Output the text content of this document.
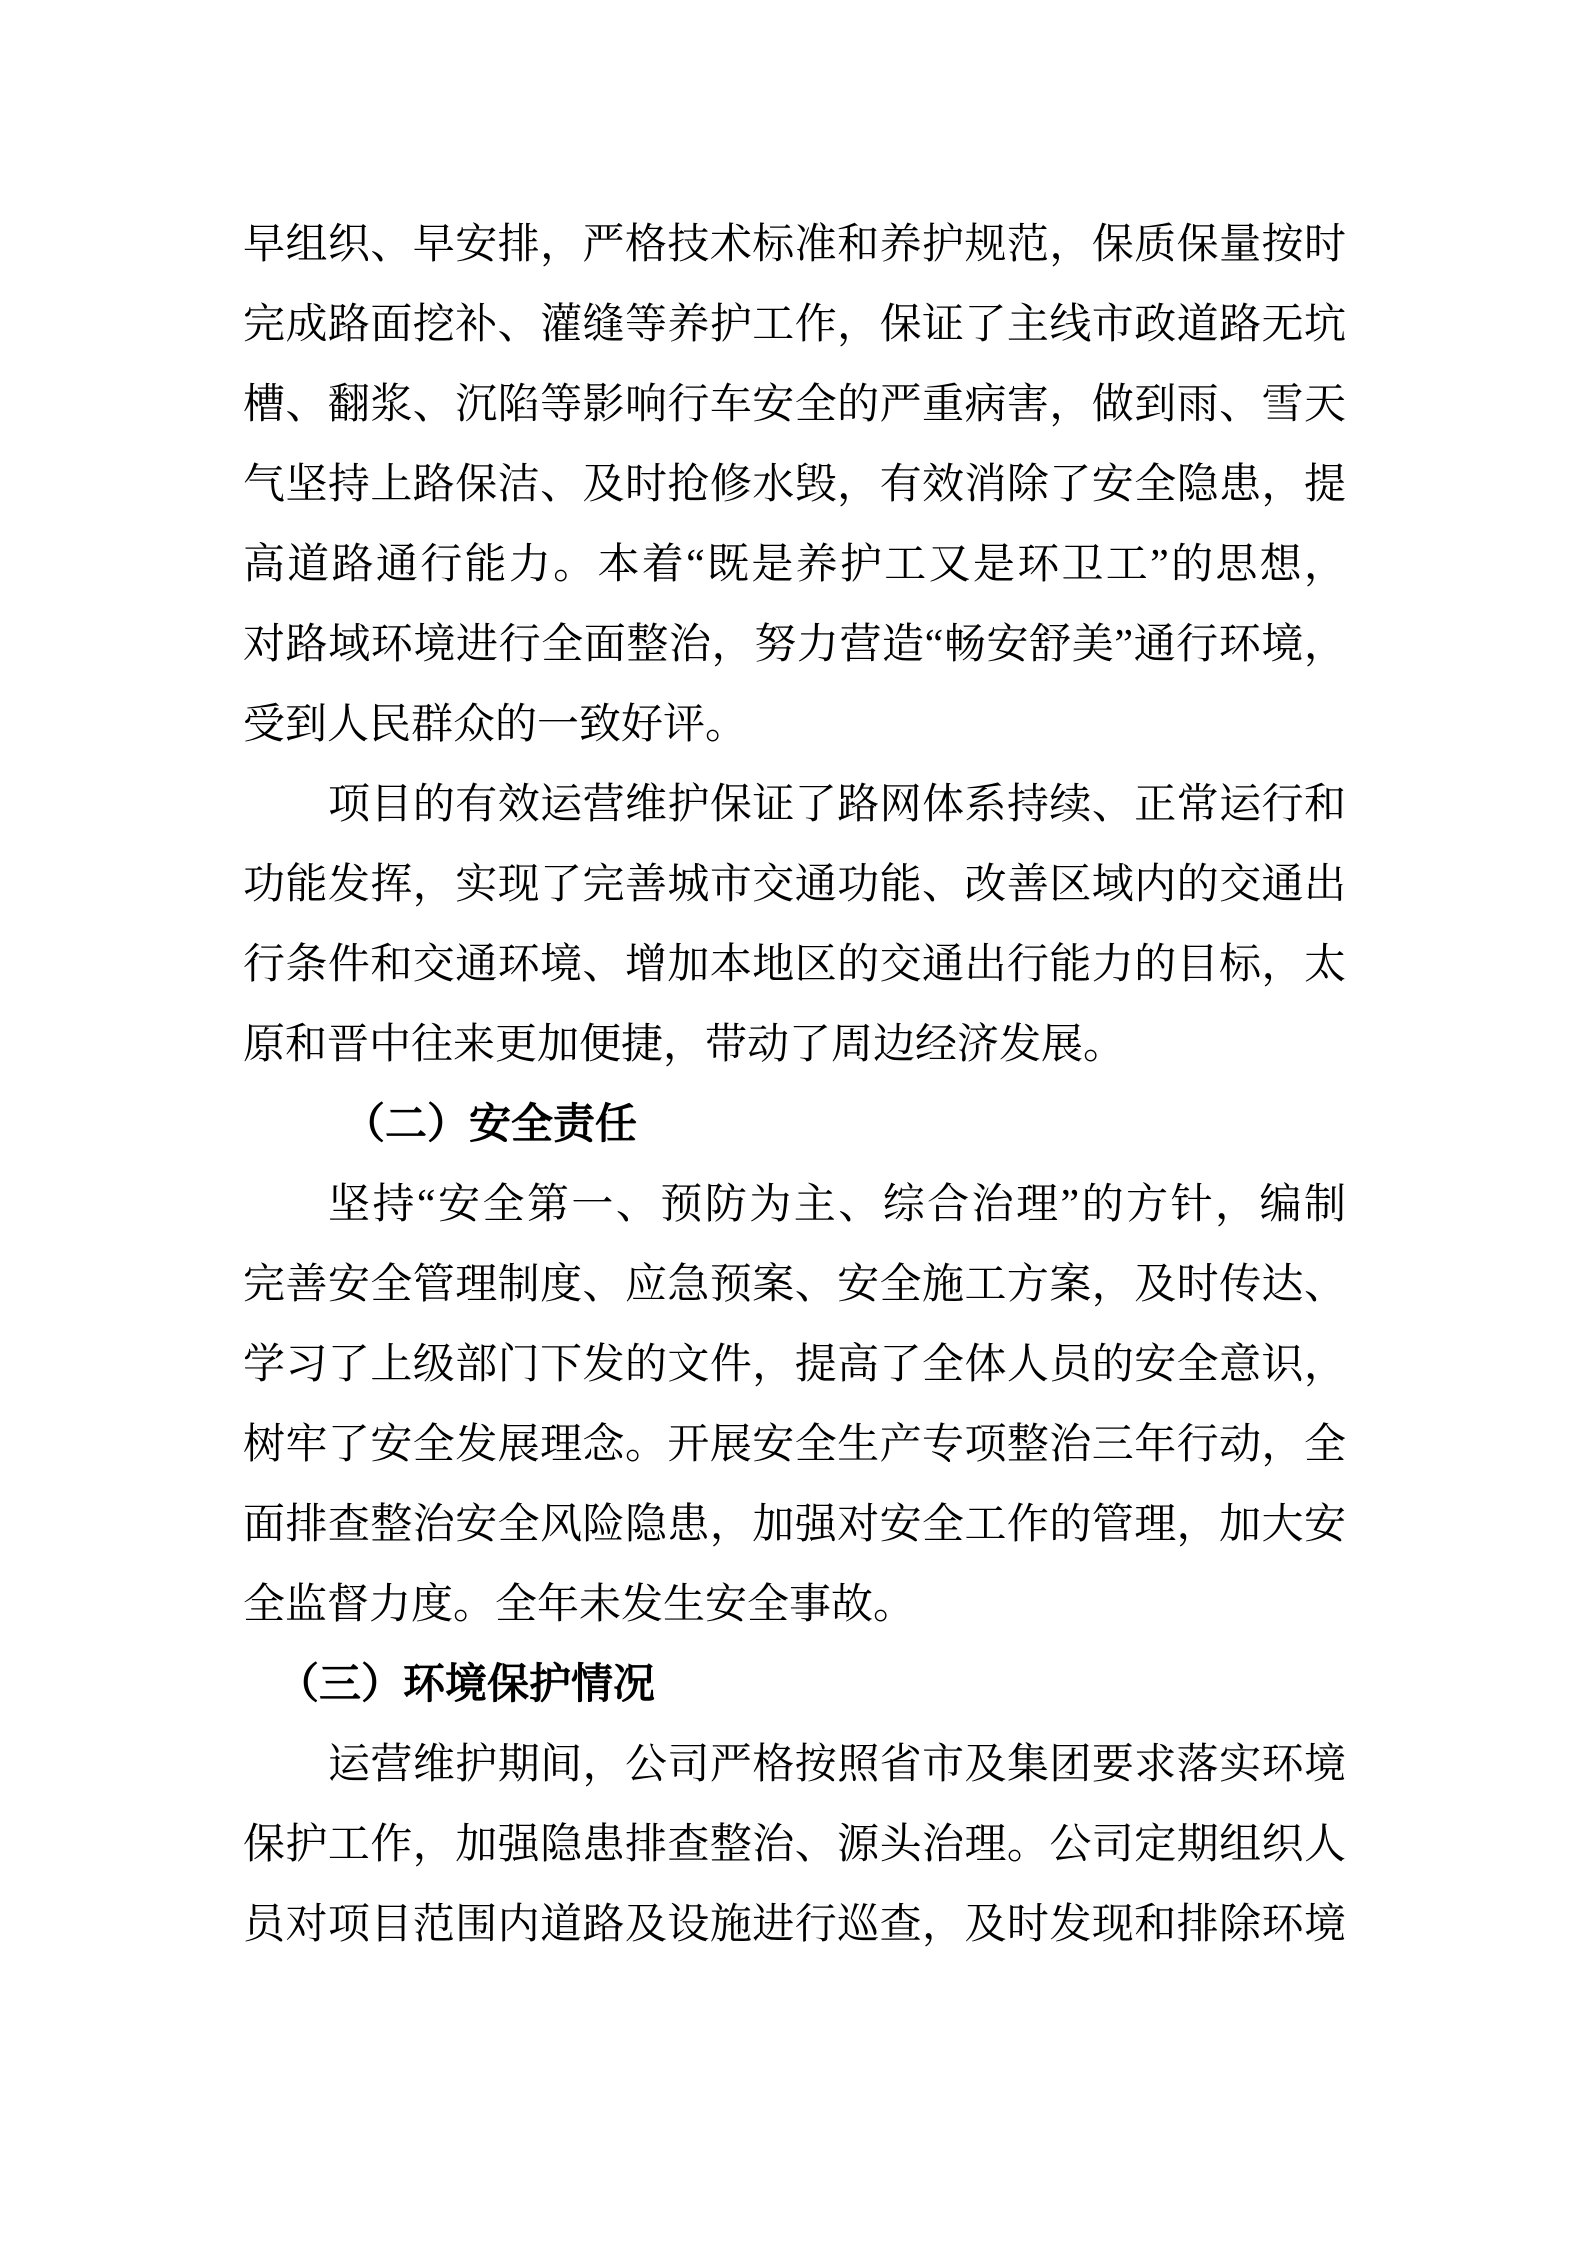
早组织、早安排，严格技术标准和养护规范，保质保量按时
完成路面挖补、灌缝等养护工作，保证了主线市政道路无坑
槽、翻浆、沉陷等影响行车安全的严重病害，做到雨、雪天
气坚持上路保洁、及时抢修水毁，有效消除了安全隐患，提
高道路通行能力。本着“既是养护工又是环卫工”的思想，
对路域环境进行全面整治，努力营造“畅安舒美”通行环境，
受到人民群众的一致好评。
项目的有效运营维护保证了路网体系持续、正常运行和
功能发挥，实现了完善城市交通功能、改善区域内的交通出
行条件和交通环境、增加本地区的交通出行能力的目标，太
原和晋中往来更加便捷，带动了周边经济发展。
（二）安全责任
坚持“安全第一、预防为主、综合治理”的方针，编制
完善安全管理制度、应急预案、安全施工方案，及时传达、
学习了上级部门下发的文件，提高了全体人员的安全意识，
树牢了安全发展理念。开展安全生产专项整治三年行动，全
面排查整治安全风险隐患，加强对安全工作的管理，加大安
全监督力度。全年未发生安全事故。
（三）环境保护情况
运营维护期间，公司严格按照省市及集团要求落实环境
保护工作，加强隐患排查整治、源头治理。公司定期组织人
员对项目范围内道路及设施进行巡查，及时发现和排除环境
